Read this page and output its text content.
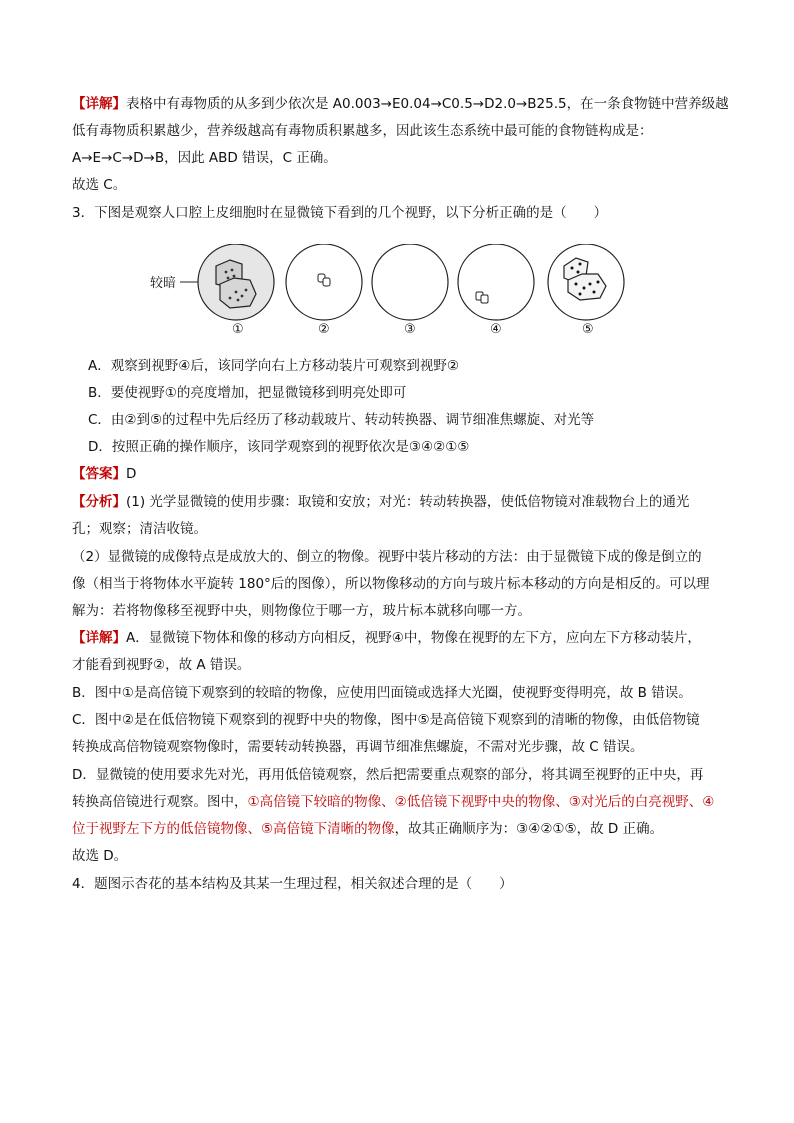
【详解】表格中有毒物质的从多到少依次是 A0.003→E0.04→C0.5→D2.0→B25.5，在一条食物链中营养级越
低有毒物质积累越少，营养级越高有毒物质积累越多，因此该生态系统中最可能的食物链构成是：
A→E→C→D→B，因此 ABD 错误，C 正确。
故选 C。
3．下图是观察人口腔上皮细胞时在显微镜下看到的几个视野，以下分析正确的是（　　）
较暗
①	②	③	④	⑤
A．观察到视野④后，该同学向右上方移动装片可观察到视野②
B．要使视野①的亮度增加，把显微镜移到明亮处即可
C．由②到⑤的过程中先后经历了移动载玻片、转动转换器、调节细准焦螺旋、对光等
D．按照正确的操作顺序，该同学观察到的视野依次是③④②①⑤
【答案】D
【分析】(1) 光学显微镜的使用步骤：取镜和安放；对光：转动转换器，使低倍物镜对准载物台上的通光
孔；观察；清洁收镜。
（2）显微镜的成像特点是成放大的、倒立的物像。视野中装片移动的方法：由于显微镜下成的像是倒立的
像（相当于将物体水平旋转 180°后的图像），所以物像移动的方向与玻片标本移动的方向是相反的。可以理
解为：若将物像移至视野中央，则物像位于哪一方，玻片标本就移向哪一方。
【详解】A．显微镜下物体和像的移动方向相反，视野④中，物像在视野的左下方，应向左下方移动装片，
才能看到视野②，故 A 错误。
B．图中①是高倍镜下观察到的较暗的物像，应使用凹面镜或选择大光圈，使视野变得明亮，故 B 错误。
C．图中②是在低倍物镜下观察到的视野中央的物像，图中⑤是高倍镜下观察到的清晰的物像，由低倍物镜
转换成高倍物镜观察物像时，需要转动转换器，再调节细准焦螺旋，不需对光步骤，故 C 错误。
D．显微镜的使用要求先对光，再用低倍镜观察，然后把需要重点观察的部分，将其调至视野的正中央，再
转换高倍镜进行观察。图中，①高倍镜下较暗的物像、②低倍镜下视野中央的物像、③对光后的白亮视野、④
位于视野左下方的低倍镜物像、⑤高倍镜下清晰的物像，故其正确顺序为：③④②①⑤，故 D 正确。
故选 D。
4．题图示杏花的基本结构及其某一生理过程，相关叙述合理的是（　　）
